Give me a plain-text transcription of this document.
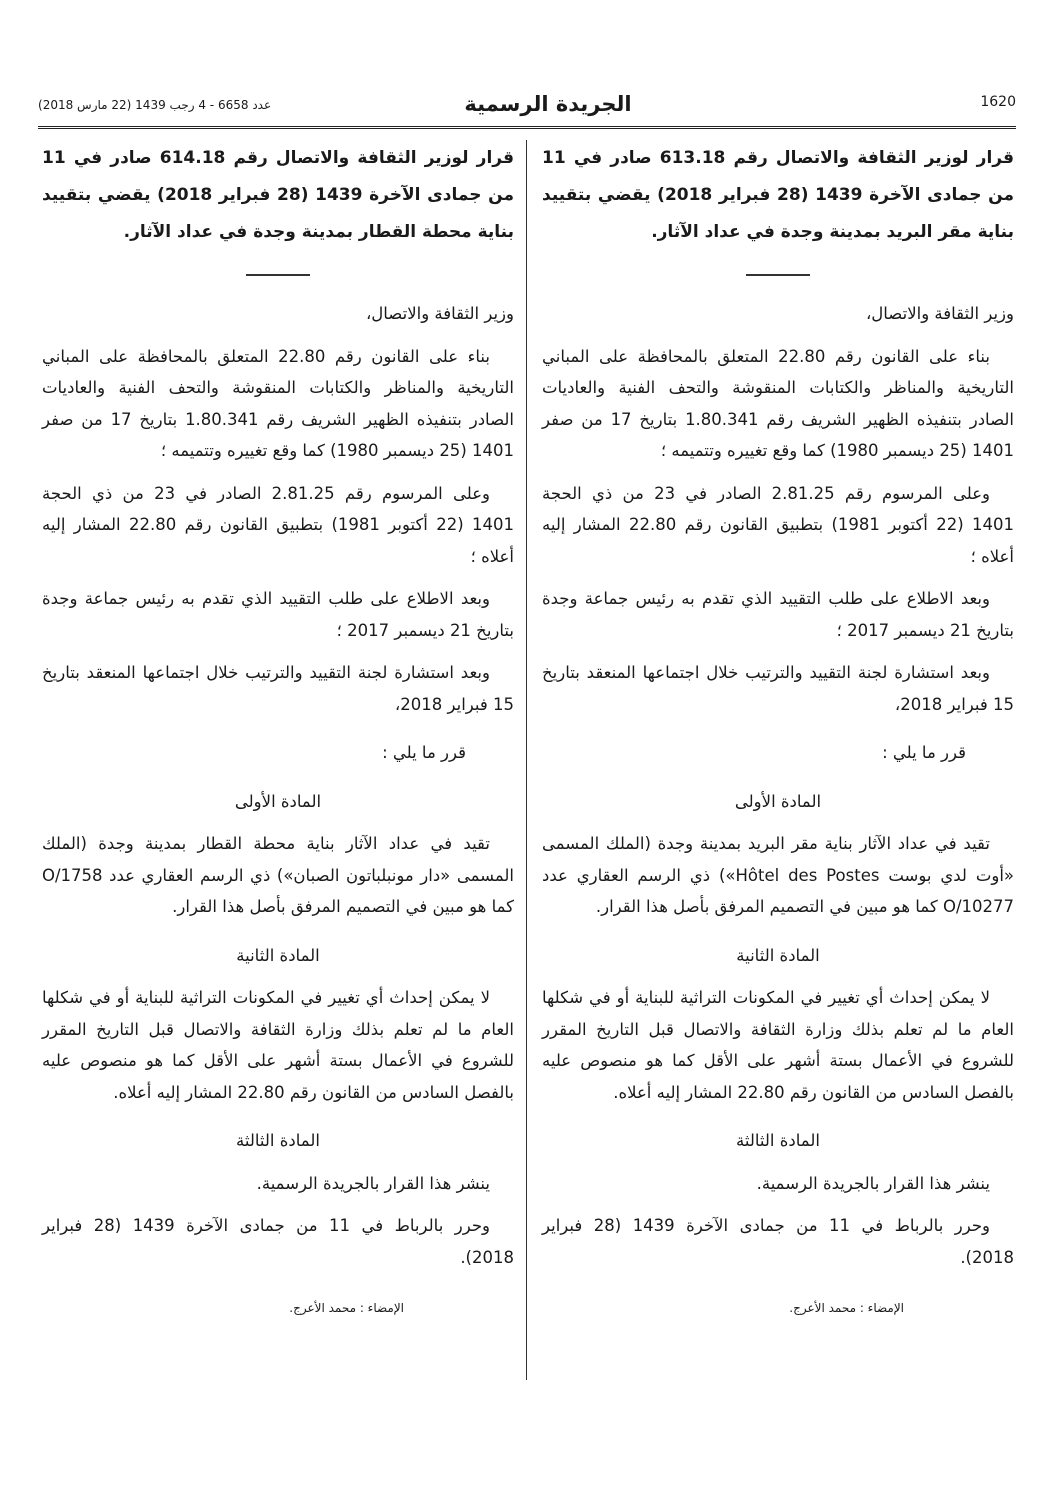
1620
الجريدة الرسمية
عدد 6658 - 4 رجب 1439 (22 مارس 2018)

قرار لوزير الثقافة والاتصال رقم 613.18 صادر في 11 من جمادى الآخرة 1439 (28 فبراير 2018) يقضي بتقييد بناية مقر البريد بمدينة وجدة في عداد الآثار.

وزير الثقافة والاتصال،

بناء على القانون رقم 22.80 المتعلق بالمحافظة على المباني التاريخية والمناظر والكتابات المنقوشة والتحف الفنية والعاديات الصادر بتنفيذه الظهير الشريف رقم 1.80.341 بتاريخ 17 من صفر 1401 (25 ديسمبر 1980) كما وقع تغييره وتتميمه ؛

وعلى المرسوم رقم 2.81.25 الصادر في 23 من ذي الحجة 1401 (22 أكتوبر 1981) بتطبيق القانون رقم 22.80 المشار إليه أعلاه ؛

وبعد الاطلاع على طلب التقييد الذي تقدم به رئيس جماعة وجدة بتاريخ 21 ديسمبر 2017 ؛

وبعد استشارة لجنة التقييد والترتيب خلال اجتماعها المنعقد بتاريخ 15 فبراير 2018،

قرر ما يلي :

المادة الأولى

تقيد في عداد الآثار بناية مقر البريد بمدينة وجدة (الملك المسمى «أوت لدي بوست Hôtel des Postes») ذي الرسم العقاري عدد O/10277 كما هو مبين في التصميم المرفق بأصل هذا القرار.

المادة الثانية

لا يمكن إحداث أي تغيير في المكونات التراثية للبناية أو في شكلها العام ما لم تعلم بذلك وزارة الثقافة والاتصال قبل التاريخ المقرر للشروع في الأعمال بستة أشهر على الأقل كما هو منصوص عليه بالفصل السادس من القانون رقم 22.80 المشار إليه أعلاه.

المادة الثالثة

ينشر هذا القرار بالجريدة الرسمية.

وحرر بالرباط في 11 من جمادى الآخرة 1439 (28 فبراير 2018).

الإمضاء : محمد الأعرج.

قرار لوزير الثقافة والاتصال رقم 614.18 صادر في 11 من جمادى الآخرة 1439 (28 فبراير 2018) يقضي بتقييد بناية محطة القطار بمدينة وجدة في عداد الآثار.

وزير الثقافة والاتصال،

بناء على القانون رقم 22.80 المتعلق بالمحافظة على المباني التاريخية والمناظر والكتابات المنقوشة والتحف الفنية والعاديات الصادر بتنفيذه الظهير الشريف رقم 1.80.341 بتاريخ 17 من صفر 1401 (25 ديسمبر 1980) كما وقع تغييره وتتميمه ؛

وعلى المرسوم رقم 2.81.25 الصادر في 23 من ذي الحجة 1401 (22 أكتوبر 1981) بتطبيق القانون رقم 22.80 المشار إليه أعلاه ؛

وبعد الاطلاع على طلب التقييد الذي تقدم به رئيس جماعة وجدة بتاريخ 21 ديسمبر 2017 ؛

وبعد استشارة لجنة التقييد والترتيب خلال اجتماعها المنعقد بتاريخ 15 فبراير 2018،

قرر ما يلي :

المادة الأولى

تقيد في عداد الآثار بناية محطة القطار بمدينة وجدة (الملك المسمى «دار مونبلباتون الصبان») ذي الرسم العقاري عدد O/1758 كما هو مبين في التصميم المرفق بأصل هذا القرار.

المادة الثانية

لا يمكن إحداث أي تغيير في المكونات التراثية للبناية أو في شكلها العام ما لم تعلم بذلك وزارة الثقافة والاتصال قبل التاريخ المقرر للشروع في الأعمال بستة أشهر على الأقل كما هو منصوص عليه بالفصل السادس من القانون رقم 22.80 المشار إليه أعلاه.

المادة الثالثة

ينشر هذا القرار بالجريدة الرسمية.

وحرر بالرباط في 11 من جمادى الآخرة 1439 (28 فبراير 2018).

الإمضاء : محمد الأعرج.
